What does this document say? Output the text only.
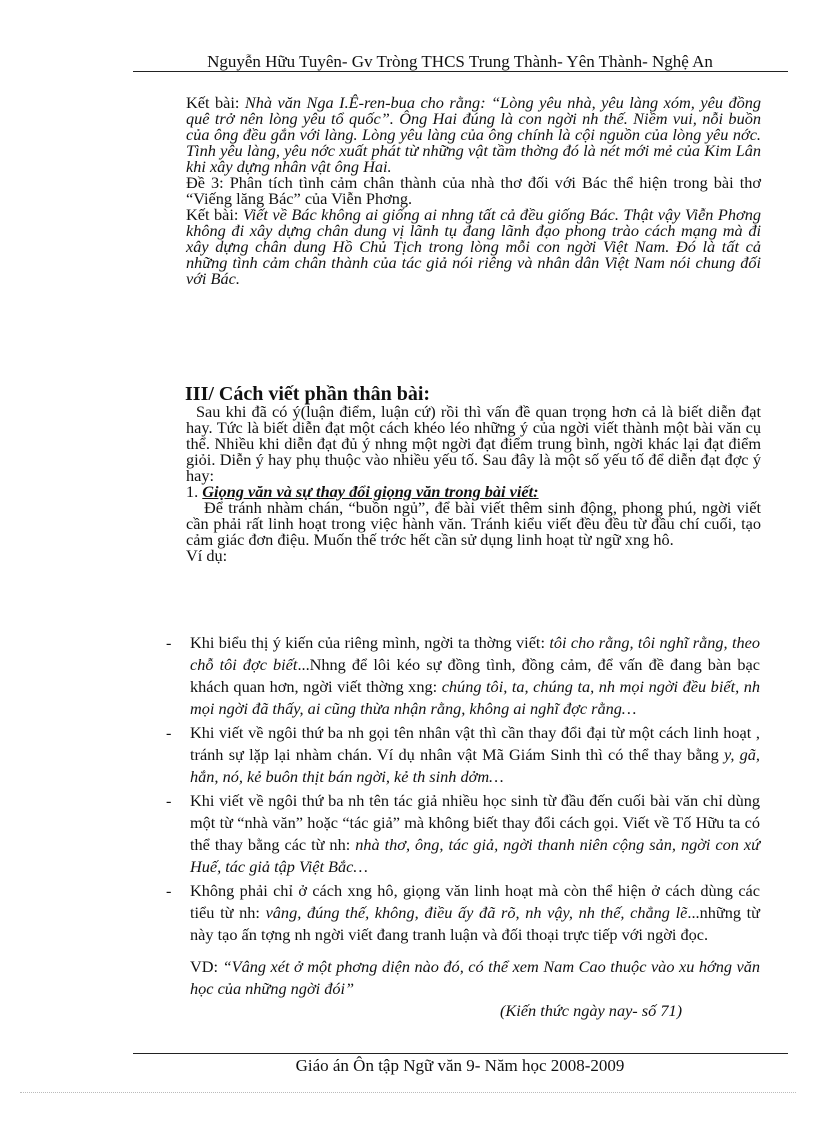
Nguyễn Hữu Tuyên- Gv Tròng THCS Trung Thành- Yên Thành- Nghệ An

Kết bài: Nhà văn Nga I.Ê-ren-bua cho rằng: “Lòng yêu nhà, yêu làng xóm, yêu đồng quê trở nên lòng yêu tổ quốc”. Ông Hai đúng là con ngời nh thế. Niềm vui, nỗi buồn của ông đều gắn với làng. Lòng yêu làng của ông chính là cội nguồn của lòng yêu nớc. Tình yêu làng, yêu nớc xuất phát từ những vật tầm thờng đó là nét mới mẻ của Kim Lân khi xây dựng nhân vật ông Hai.

Đề 3: Phân tích tình cảm chân thành của nhà thơ đối với Bác thể hiện trong bài thơ “Viếng lăng Bác” của Viễn Phơng.

Kết bài: Viết về Bác không ai giống ai nhng tất cả đều giống Bác. Thật vậy Viễn Phơng không đi xây dựng chân dung vị lãnh tụ đang lãnh đạo phong trào cách mạng mà đi xây dựng chân dung Hồ Chủ Tịch trong lòng mỗi con ngời Việt Nam. Đó là tất cả những tình cảm chân thành của tác giả nói riêng và nhân dân Việt Nam nói chung đối với Bác.

III/ Cách viết phần thân bài:

Sau khi đã có ý(luận điểm, luận cứ) rồi thì vấn đề quan trọng hơn cả là biết diễn đạt hay. Tức là biết diễn đạt một cách khéo léo những ý của ngời viết thành một bài văn cụ thể. Nhiều khi diễn đạt đủ ý nhng một ngời đạt điểm trung bình, ngời khác lại đạt điểm giỏi. Diễn ý hay phụ thuộc vào nhiều yếu tố. Sau đây là một số yếu tố để diễn đạt đợc ý hay:

1. Giọng văn và sự thay đổi giọng văn trong bài viết:

Để tránh nhàm chán, “buồn ngủ”, để bài viết thêm sinh động, phong phú, ngời viết cần phải rất linh hoạt trong việc hành văn. Tránh kiểu viết đều đều từ đầu chí cuối, tạo cảm giác đơn điệu. Muốn thế trớc hết cần sử dụng linh hoạt từ ngữ xng hô.

Ví dụ:

- Khi biểu thị ý kiến của riêng mình, ngời ta thờng viết: tôi cho rằng, tôi nghĩ rằng, theo chỗ tôi đợc biết...Nhng để lôi kéo sự đồng tình, đồng cảm, để vấn đề đang bàn bạc khách quan hơn, ngời viết thờng xng: chúng tôi, ta, chúng ta, nh mọi ngời đều biết, nh mọi ngời đã thấy, ai cũng thừa nhận rằng, không ai nghĩ đợc rằng…
- Khi viết về ngôi thứ ba nh gọi tên nhân vật thì cần thay đổi đại từ một cách linh hoạt , tránh sự lặp lại nhàm chán. Ví dụ nhân vật Mã Giám Sinh thì có thể thay bằng y, gã, hắn, nó, kẻ buôn thịt bán ngời, kẻ th sinh dởm…
- Khi viết về ngôi thứ ba nh tên tác giả nhiều học sinh từ đầu đến cuối bài văn chỉ dùng một từ “nhà văn” hoặc “tác giả” mà không biết thay đổi cách gọi. Viết về Tố Hữu ta có thể thay bằng các từ nh: nhà thơ, ông, tác giả, ngời thanh niên cộng sản, ngời con xứ Huế, tác giả tập Việt Bắc…
- Không phải chỉ ở cách xng hô, giọng văn linh hoạt mà còn thể hiện ở cách dùng các tiểu từ nh: vâng, đúng thế, không, điều ấy đã rõ, nh vậy, nh thế, chẳng lẽ...những từ này tạo ấn tợng nh ngời viết đang tranh luận và đối thoại trực tiếp với ngời đọc.

VD: “Vâng xét ở một phơng diện nào đó, có thể xem Nam Cao thuộc vào xu hớng văn học của những ngời đói”

(Kiến thức ngày nay- số 71)
Giáo án Ôn tập Ngữ văn 9- Năm học 2008-2009
